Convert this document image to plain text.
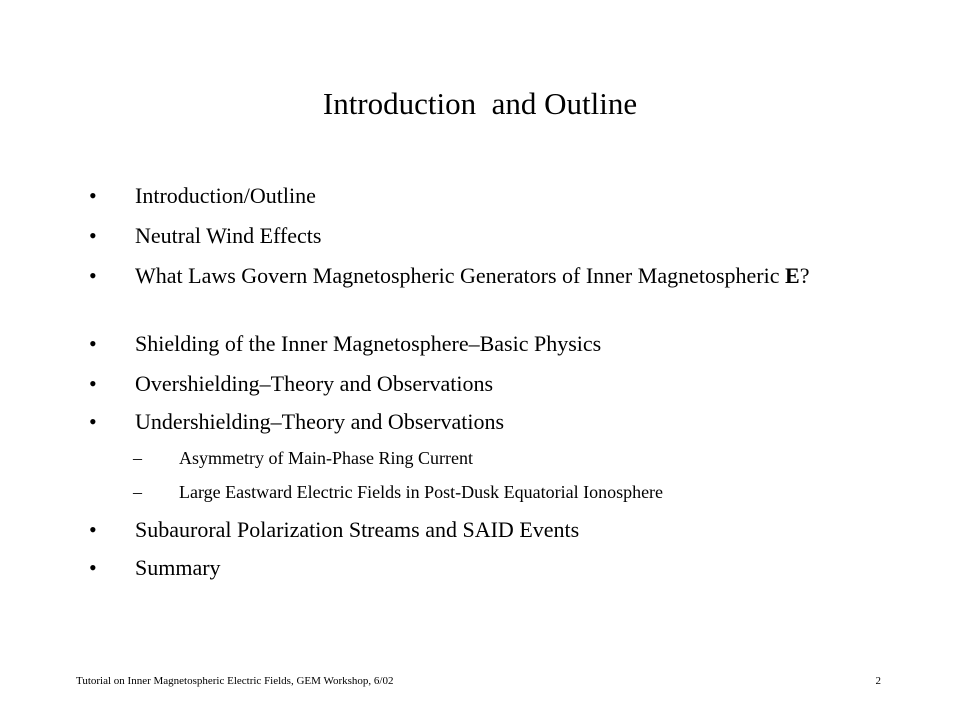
Introduction  and Outline
• Introduction/Outline
• Neutral Wind Effects
• What Laws Govern Magnetospheric Generators of Inner Magnetospheric E?
• Shielding of the Inner Magnetosphere–Basic Physics
• Overshielding–Theory and Observations
• Undershielding–Theory and Observations
– Asymmetry of Main-Phase Ring Current
– Large Eastward Electric Fields in Post-Dusk Equatorial Ionosphere
• Subauroral Polarization Streams and SAID Events
• Summary
Tutorial on Inner Magnetospheric Electric Fields, GEM Workshop, 6/02	2
